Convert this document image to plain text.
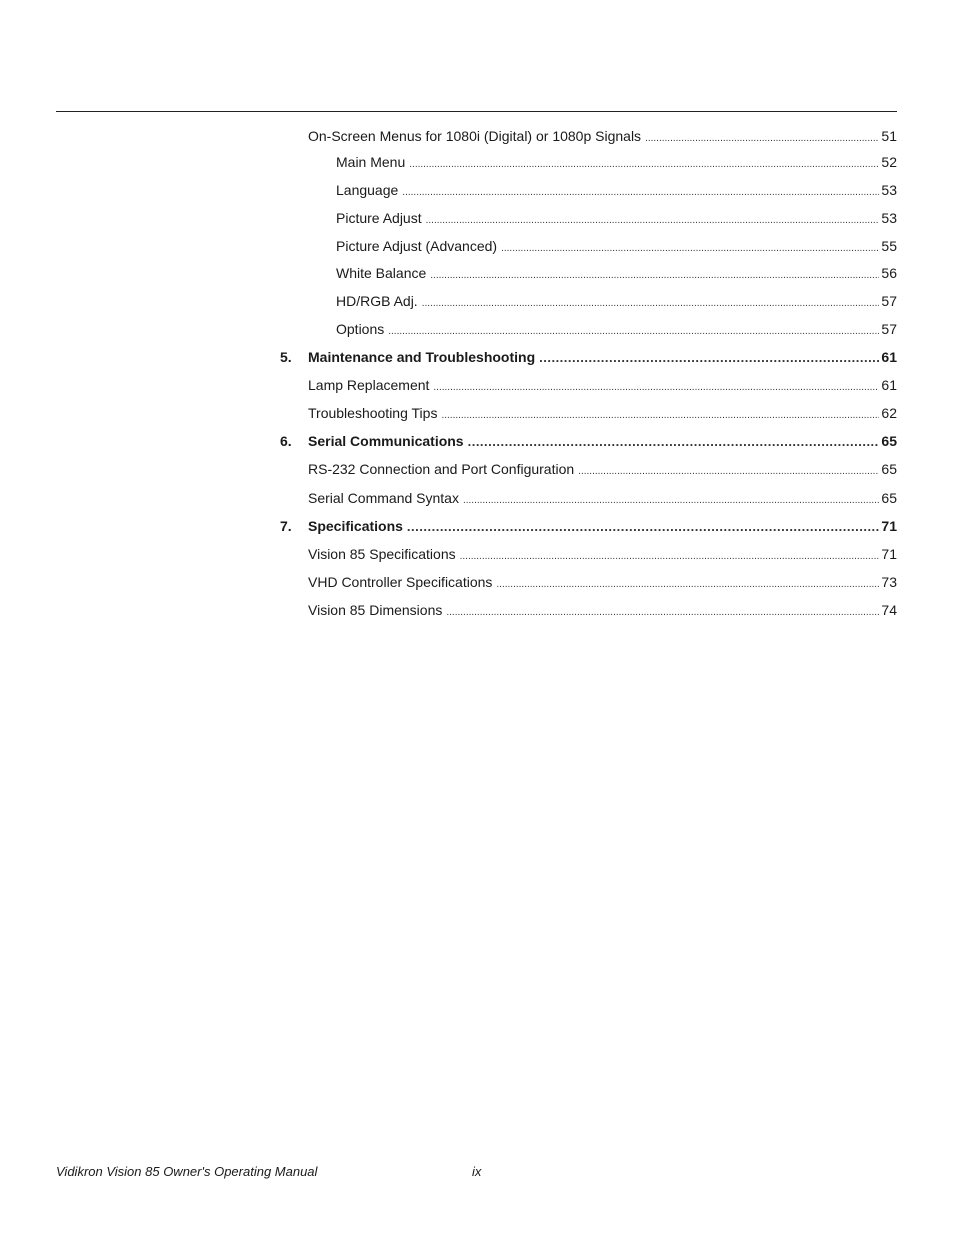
On-Screen Menus for 1080i (Digital) or 1080p Signals .....	51
Main Menu .....	52
Language .....	53
Picture Adjust .....	53
Picture Adjust (Advanced) .....	55
White Balance .....	56
HD/RGB Adj. .....	57
Options .....	57
5. Maintenance and Troubleshooting .....	61
Lamp Replacement .....	61
Troubleshooting Tips .....	62
6. Serial Communications .....	65
RS-232 Connection and Port Configuration .....	65
Serial Command Syntax .....	65
7. Specifications .....	71
Vision 85 Specifications .....	71
VHD Controller Specifications .....	73
Vision 85 Dimensions .....	74
Vidikron Vision 85 Owner's Operating Manual	ix
